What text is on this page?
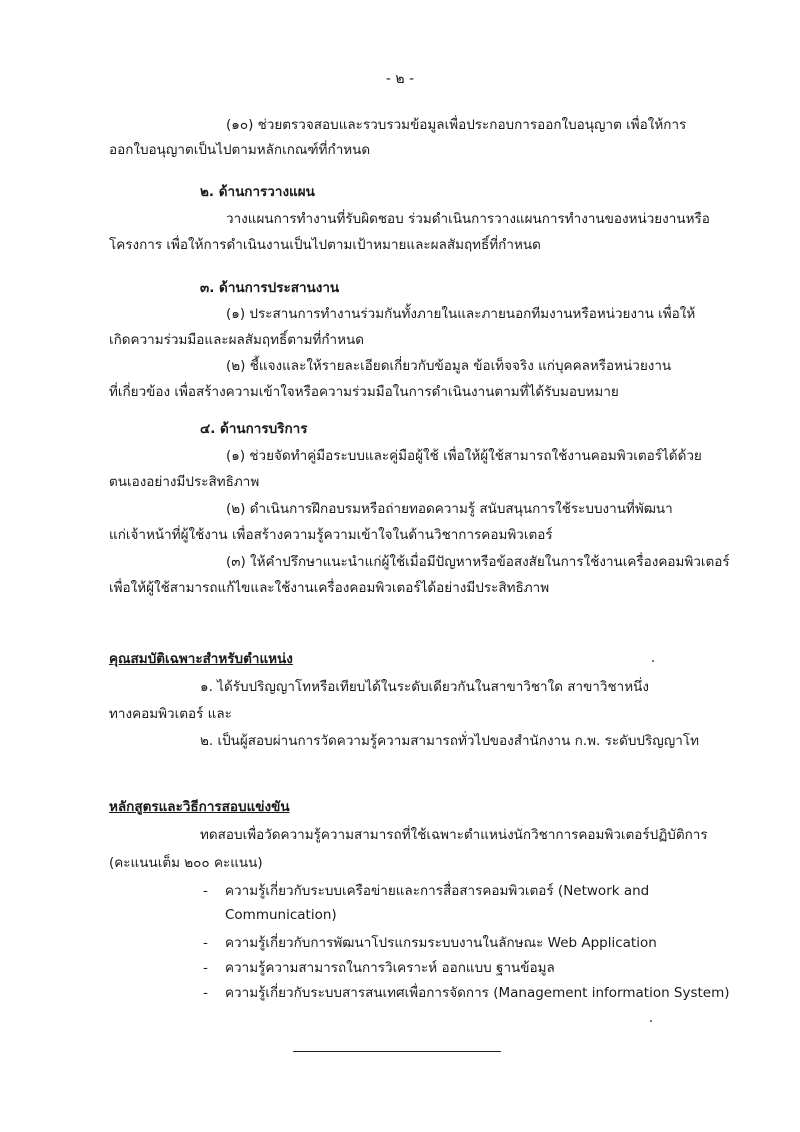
- ๒ -
(๑๐) ช่วยตรวจสอบและรวบรวมข้อมูลเพื่อประกอบการออกใบอนุญาต เพื่อให้การ
ออกใบอนุญาตเป็นไปตามหลักเกณฑ์ที่กำหนด
๒. ด้านการวางแผน
วางแผนการทำงานที่รับผิดชอบ ร่วมดำเนินการวางแผนการทำงานของหน่วยงานหรือ
โครงการ เพื่อให้การดำเนินงานเป็นไปตามเป้าหมายและผลสัมฤทธิ์ที่กำหนด
๓. ด้านการประสานงาน
(๑) ประสานการทำงานร่วมกันทั้งภายในและภายนอกทีมงานหรือหน่วยงาน เพื่อให้
เกิดความร่วมมือและผลสัมฤทธิ์ตามที่กำหนด
(๒) ชี้แจงและให้รายละเอียดเกี่ยวกับข้อมูล ข้อเท็จจริง แก่บุคคลหรือหน่วยงาน
ที่เกี่ยวข้อง เพื่อสร้างความเข้าใจหรือความร่วมมือในการดำเนินงานตามที่ได้รับมอบหมาย
๔. ด้านการบริการ
(๑) ช่วยจัดทำคู่มือระบบและคู่มือผู้ใช้ เพื่อให้ผู้ใช้สามารถใช้งานคอมพิวเตอร์ได้ด้วย
ตนเองอย่างมีประสิทธิภาพ
(๒) ดำเนินการฝึกอบรมหรือถ่ายทอดความรู้ สนับสนุนการใช้ระบบงานที่พัฒนา
แก่เจ้าหน้าที่ผู้ใช้งาน เพื่อสร้างความรู้ความเข้าใจในด้านวิชาการคอมพิวเตอร์
(๓) ให้คำปรึกษาแนะนำแก่ผู้ใช้เมื่อมีปัญหาหรือข้อสงสัยในการใช้งานเครื่องคอมพิวเตอร์
เพื่อให้ผู้ใช้สามารถแก้ไขและใช้งานเครื่องคอมพิวเตอร์ได้อย่างมีประสิทธิภาพ
คุณสมบัติเฉพาะสำหรับตำแหน่ง
๑. ได้รับปริญญาโทหรือเทียบได้ในระดับเดียวกันในสาขาวิชาใด สาขาวิชาหนึ่ง
ทางคอมพิวเตอร์ และ
๒. เป็นผู้สอบผ่านการวัดความรู้ความสามารถทั่วไปของสำนักงาน ก.พ. ระดับปริญญาโท
หลักสูตรและวิธีการสอบแข่งขัน
ทดสอบเพื่อวัดความรู้ความสามารถที่ใช้เฉพาะตำแหน่งนักวิชาการคอมพิวเตอร์ปฏิบัติการ
(คะแนนเต็ม ๒๐๐ คะแนน)
- ความรู้เกี่ยวกับระบบเครือข่ายและการสื่อสารคอมพิวเตอร์ (Network and
Communication)
- ความรู้เกี่ยวกับการพัฒนาโปรแกรมระบบงานในลักษณะ Web Application
- ความรู้ความสามารถในการวิเคราะห์ ออกแบบ ฐานข้อมูล
- ความรู้เกี่ยวกับระบบสารสนเทศเพื่อการจัดการ (Management information System)
